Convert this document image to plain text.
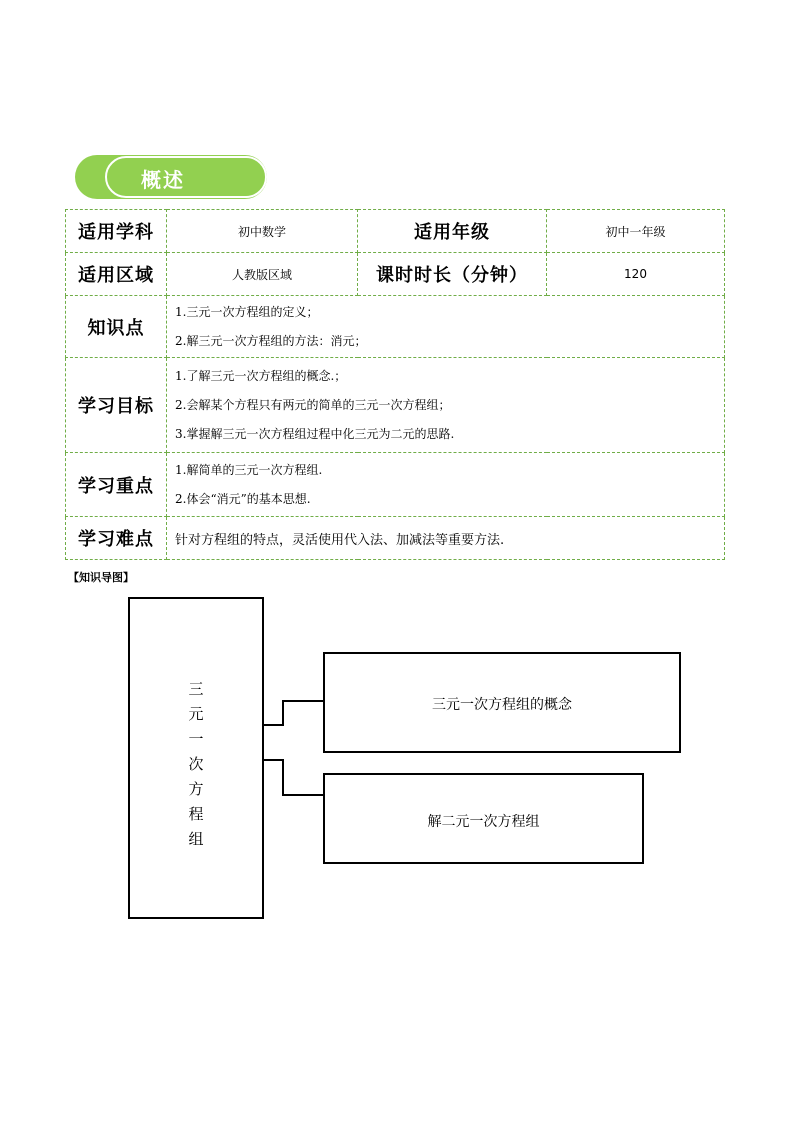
概述
适用学科	初中数学	适用年级	初中一年级
适用区域	人教版区域	课时时长（分钟）	120
知识点	1.三元一次方程组的定义；
2.解三元一次方程组的方法：消元；		

学习目标	1.了解三元一次方程组的概念.；
2.会解某个方程只有两元的简单的三元一次方程组；
3.掌握解三元一次方程组过程中化三元为二元的思路.		

学习重点	1.解简单的三元一次方程组.
2.体会“消元”的基本思想.		

学习难点	针对方程组的特点，灵活使用代入法、加减法等重要方法.		
【知识导图】
三
元
一
次
方
程
组
三元一次方程组的概念
解二元一次方程组
